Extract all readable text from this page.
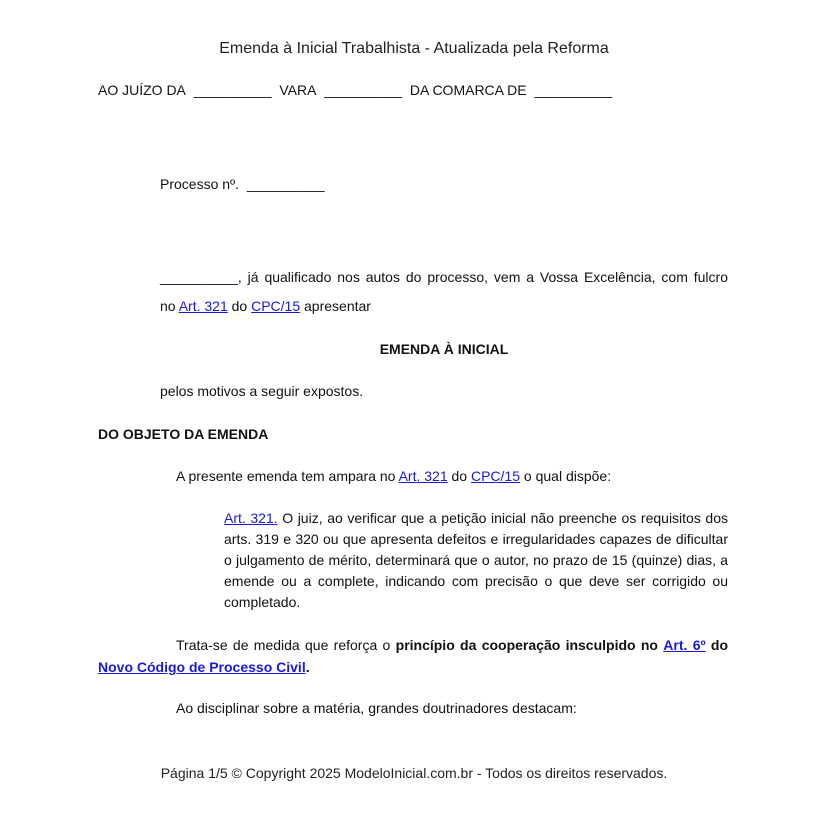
Emenda à Inicial Trabalhista - Atualizada pela Reforma
AO JUÍZO DA __________ VARA __________ DA COMARCA DE __________
Processo nº. __________
__________, já qualificado nos autos do processo, vem a Vossa Excelência, com fulcro
no Art. 321 do CPC/15 apresentar
EMENDA À INICIAL
pelos motivos a seguir expostos.
DO OBJETO DA EMENDA
A presente emenda tem ampara no Art. 321 do CPC/15 o qual dispõe:
Art. 321. O juiz, ao verificar que a petição inicial não preenche os requisitos dos arts. 319 e 320 ou que apresenta defeitos e irregularidades capazes de dificultar o julgamento de mérito, determinará que o autor, no prazo de 15 (quinze) dias, a emende ou a complete, indicando com precisão o que deve ser corrigido ou completado.
Trata-se de medida que reforça o princípio da cooperação insculpido no Art. 6º do
Novo Código de Processo Civil.
Ao disciplinar sobre a matéria, grandes doutrinadores destacam:
Página 1/5 © Copyright 2025 ModeloInicial.com.br - Todos os direitos reservados.
